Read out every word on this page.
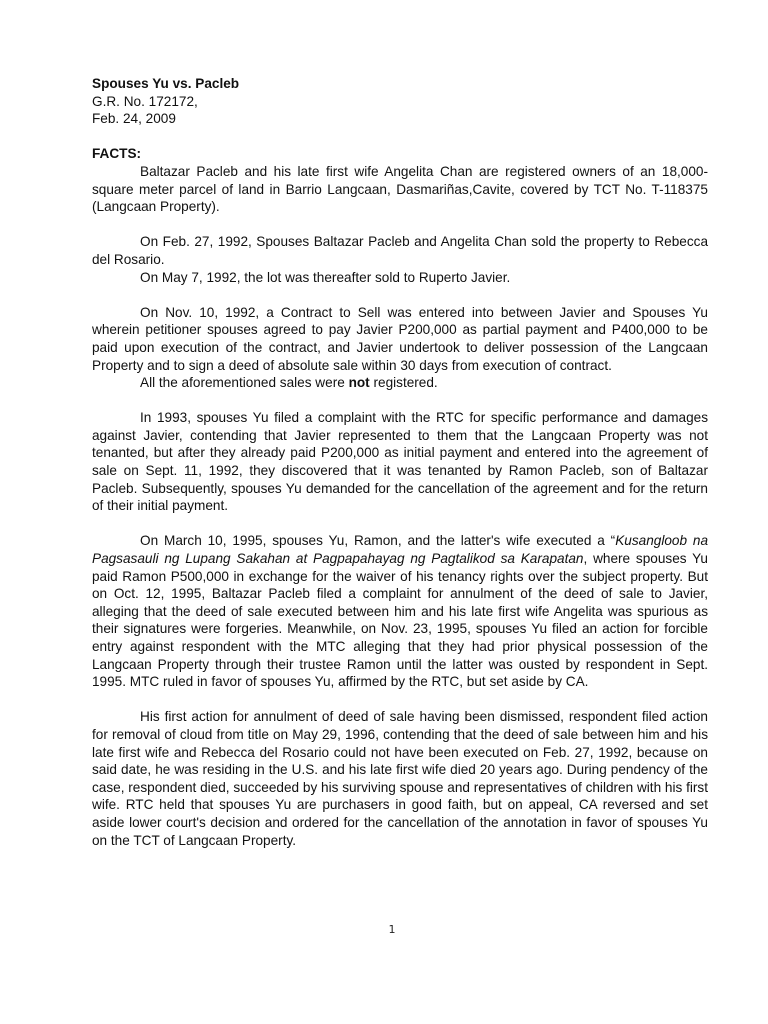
Spouses Yu vs. Pacleb

G.R. No. 172172,

Feb. 24, 2009

FACTS:

Baltazar Pacleb and his late first wife Angelita Chan are registered owners of an 18,000-square meter parcel of land in Barrio Langcaan, Dasmariñas,Cavite, covered by TCT No. T-118375 (Langcaan Property).

On Feb. 27, 1992, Spouses Baltazar Pacleb and Angelita Chan sold the property to Rebecca del Rosario.

On May 7, 1992, the lot was thereafter sold to Ruperto Javier.

On Nov. 10, 1992, a Contract to Sell was entered into between Javier and Spouses Yu wherein petitioner spouses agreed to pay Javier P200,000 as partial payment and P400,000 to be paid upon execution of the contract, and Javier undertook to deliver possession of the Langcaan Property and to sign a deed of absolute sale within 30 days from execution of contract.

All the aforementioned sales were not registered.

In 1993, spouses Yu filed a complaint with the RTC for specific performance and damages against Javier, contending that Javier represented to them that the Langcaan Property was not tenanted, but after they already paid P200,000 as initial payment and entered into the agreement of sale on Sept. 11, 1992, they discovered that it was tenanted by Ramon Pacleb, son of Baltazar Pacleb. Subsequently, spouses Yu demanded for the cancellation of the agreement and for the return of their initial payment.

On March 10, 1995, spouses Yu, Ramon, and the latter's wife executed a “Kusangloob na Pagsasauli ng Lupang Sakahan at Pagpapahayag ng Pagtalikod sa Karapatan, where spouses Yu paid Ramon P500,000 in exchange for the waiver of his tenancy rights over the subject property. But on Oct. 12, 1995, Baltazar Pacleb filed a complaint for annulment of the deed of sale to Javier, alleging that the deed of sale executed between him and his late first wife Angelita was spurious as their signatures were forgeries. Meanwhile, on Nov. 23, 1995, spouses Yu filed an action for forcible entry against respondent with the MTC alleging that they had prior physical possession of the Langcaan Property through their trustee Ramon until the latter was ousted by respondent in Sept. 1995. MTC ruled in favor of spouses Yu, affirmed by the RTC, but set aside by CA.

His first action for annulment of deed of sale having been dismissed, respondent filed action for removal of cloud from title on May 29, 1996, contending that the deed of sale between him and his late first wife and Rebecca del Rosario could not have been executed on Feb. 27, 1992, because on said date, he was residing in the U.S. and his late first wife died 20 years ago. During pendency of the case, respondent died, succeeded by his surviving spouse and representatives of children with his first wife. RTC held that spouses Yu are purchasers in good faith, but on appeal, CA reversed and set aside lower court's decision and ordered for the cancellation of the annotation in favor of spouses Yu on the TCT of Langcaan Property.

1
